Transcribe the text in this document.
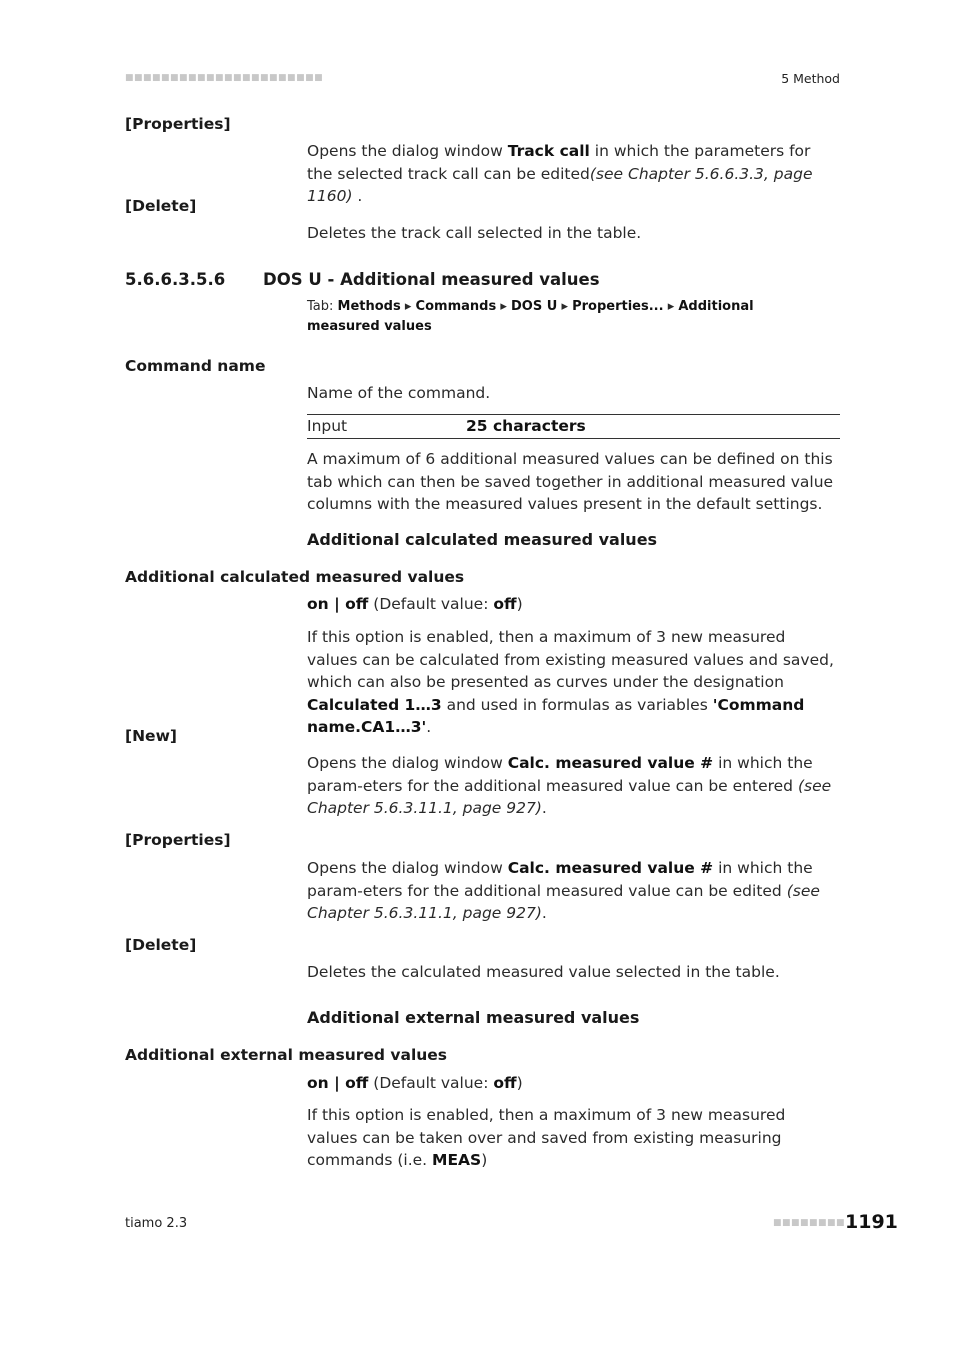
■■■■■■■■■■■■■■■■■■■■■■	5 Method
[Properties]
Opens the dialog window Track call in which the parameters for the selected track call can be edited(see Chapter 5.6.6.3.3, page 1160) .
[Delete]
Deletes the track call selected in the table.
5.6.6.3.5.6 DOS U - Additional measured values
Tab: Methods ▸ Commands ▸ DOS U ▸ Properties... ▸ Additional measured values
Command name
Name of the command.
Input	25 characters
A maximum of 6 additional measured values can be defined on this tab which can then be saved together in additional measured value columns with the measured values present in the default settings.
Additional calculated measured values
Additional calculated measured values
on | off (Default value: off)
If this option is enabled, then a maximum of 3 new measured values can be calculated from existing measured values and saved, which can also be presented as curves under the designation Calculated 1…3 and used in formulas as variables 'Command name.CA1…3'.
[New]
Opens the dialog window Calc. measured value # in which the param-eters for the additional measured value can be entered (see Chapter 5.6.3.11.1, page 927).
[Properties]
Opens the dialog window Calc. measured value # in which the param-eters for the additional measured value can be edited (see Chapter 5.6.3.11.1, page 927).
[Delete]
Deletes the calculated measured value selected in the table.
Additional external measured values
Additional external measured values
on | off (Default value: off)
If this option is enabled, then a maximum of 3 new measured values can be taken over and saved from existing measuring commands (i.e. MEAS)
tiamo 2.3	■■■■■■■■ 1191
